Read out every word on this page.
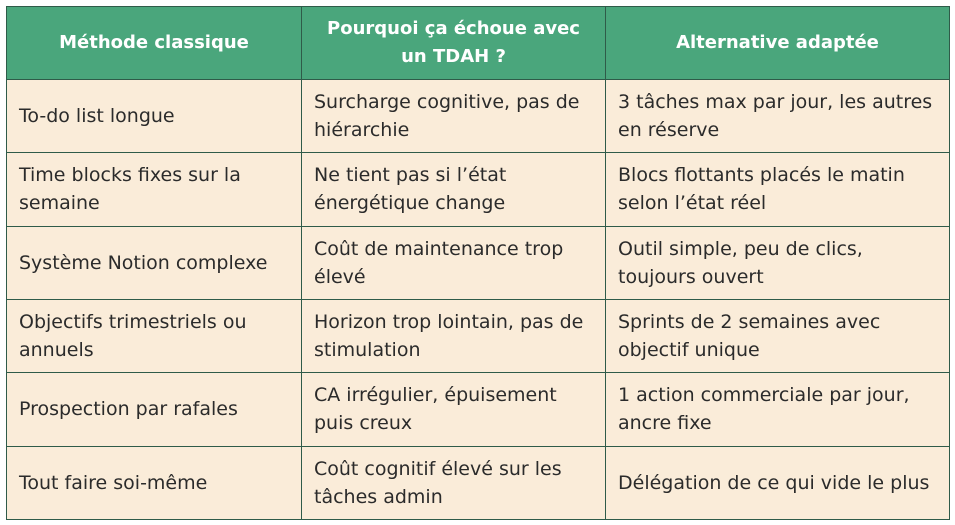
Méthode classique	Pourquoi ça échoue avec un TDAH ?	Alternative adaptée
To-do list longue	Surcharge cognitive, pas de hiérarchie	3 tâches max par jour, les autres en réserve
Time blocks fixes sur la semaine	Ne tient pas si l’état énergétique change	Blocs flottants placés le matin selon l’état réel
Système Notion complexe	Coût de maintenance trop élevé	Outil simple, peu de clics, toujours ouvert
Objectifs trimestriels ou annuels	Horizon trop lointain, pas de stimulation	Sprints de 2 semaines avec objectif unique
Prospection par rafales	CA irrégulier, épuisement puis creux	1 action commerciale par jour, ancre fixe
Tout faire soi-même	Coût cognitif élevé sur les tâches admin	Délégation de ce qui vide le plus
